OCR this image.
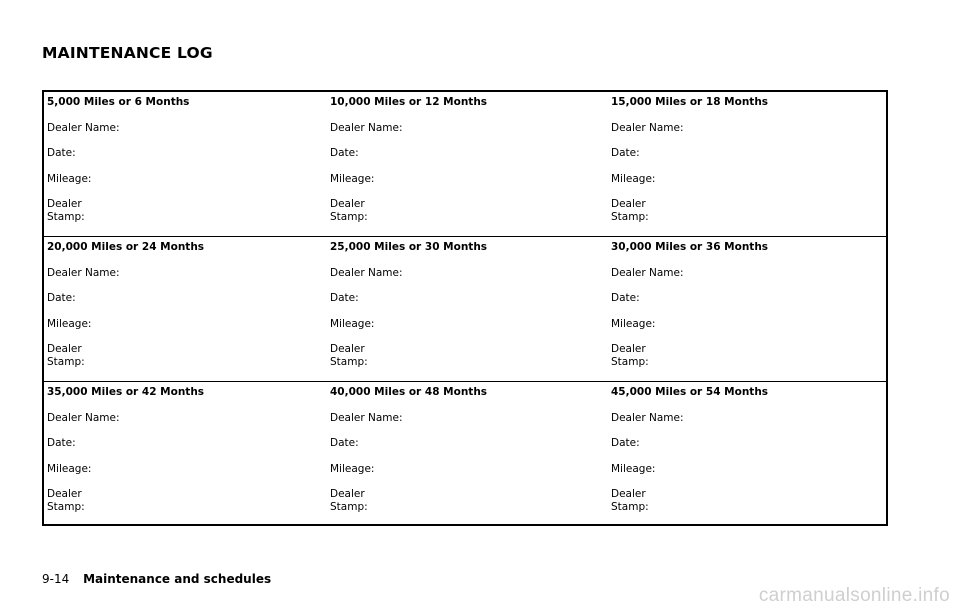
MAINTENANCE LOG
5,000 Miles or 6 Months
Dealer Name:
Date:
Mileage:
Dealer
Stamp:
10,000 Miles or 12 Months
Dealer Name:
Date:
Mileage:
Dealer
Stamp:
15,000 Miles or 18 Months
Dealer Name:
Date:
Mileage:
Dealer
Stamp:
20,000 Miles or 24 Months
Dealer Name:
Date:
Mileage:
Dealer
Stamp:
25,000 Miles or 30 Months
Dealer Name:
Date:
Mileage:
Dealer
Stamp:
30,000 Miles or 36 Months
Dealer Name:
Date:
Mileage:
Dealer
Stamp:
35,000 Miles or 42 Months
Dealer Name:
Date:
Mileage:
Dealer
Stamp:
40,000 Miles or 48 Months
Dealer Name:
Date:
Mileage:
Dealer
Stamp:
45,000 Miles or 54 Months
Dealer Name:
Date:
Mileage:
Dealer
Stamp:
9-14 Maintenance and schedules
carmanualsonline.info
